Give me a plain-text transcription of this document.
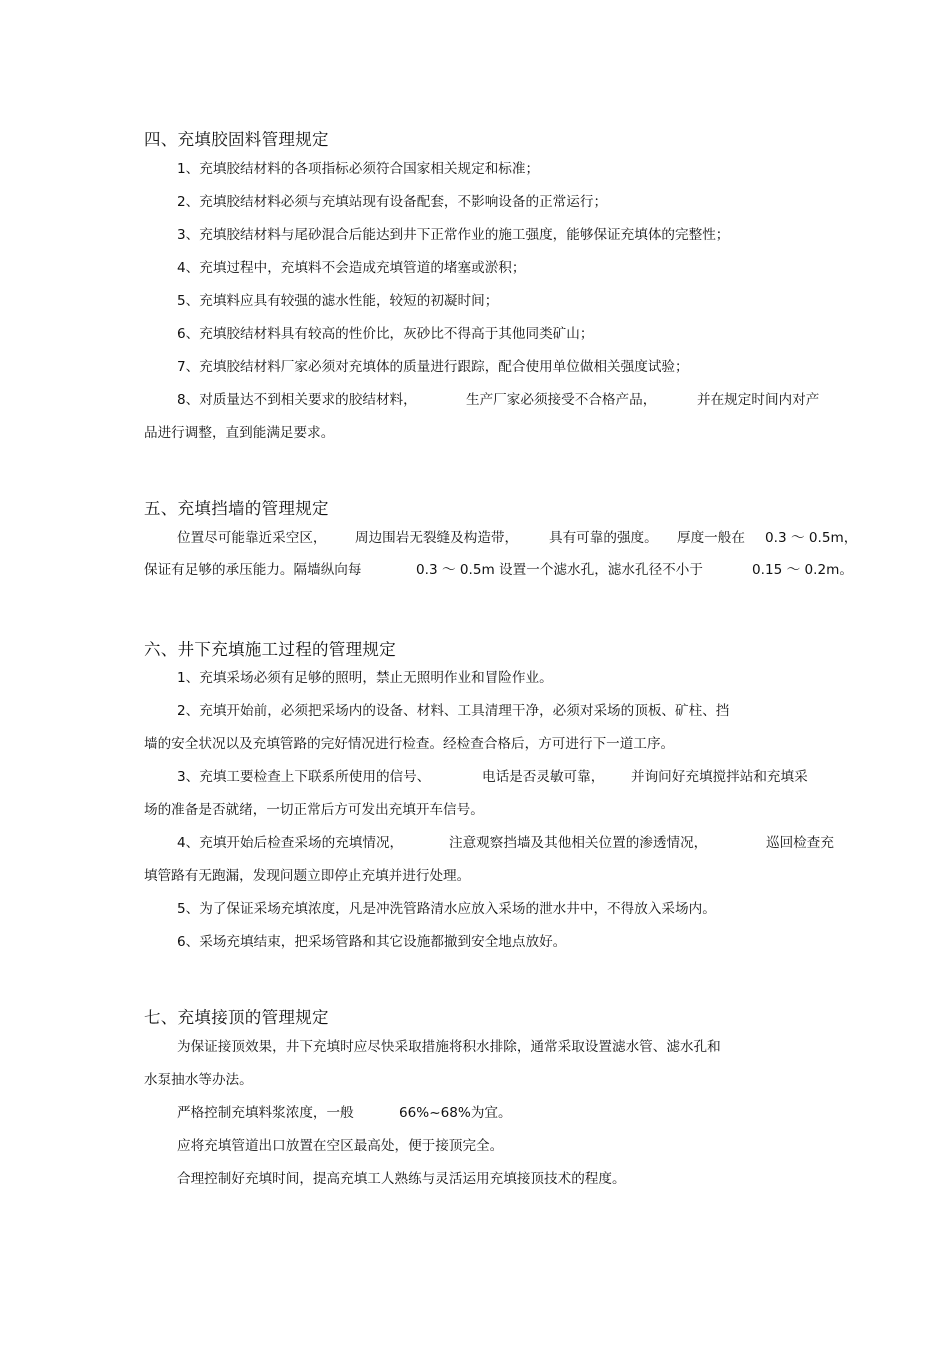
四、充填胶固料管理规定
1、充填胶结材料的各项指标必须符合国家相关规定和标准；
2、充填胶结材料必须与充填站现有设备配套，不影响设备的正常运行；
3、充填胶结材料与尾砂混合后能达到井下正常作业的施工强度，能够保证充填体的完整性；
4、充填过程中，充填料不会造成充填管道的堵塞或淤积；
5、充填料应具有较强的滤水性能，较短的初凝时间；
6、充填胶结材料具有较高的性价比，灰砂比不得高于其他同类矿山；
7、充填胶结材料厂家必须对充填体的质量进行跟踪，配合使用单位做相关强度试验；
8、对质量达不到相关要求的胶结材料，	生产厂家必须接受不合格产品，	并在规定时间内对产
品进行调整，直到能满足要求。
五、充填挡墙的管理规定
位置尽可能靠近采空区， 周边围岩无裂缝及构造带， 具有可靠的强度。 厚度一般在 0.3 ～ 0.5m，
保证有足够的承压能力。隔墙纵向每	0.3 ～ 0.5m 设置一个滤水孔，滤水孔径不小于	0.15 ～ 0.2m。
六、井下充填施工过程的管理规定
1、充填采场必须有足够的照明，禁止无照明作业和冒险作业。
2、充填开始前，必须把采场内的设备、材料、工具清理干净，必须对采场的顶板、矿柱、挡
墙的安全状况以及充填管路的完好情况进行检查。经检查合格后，方可进行下一道工序。
3、充填工要检查上下联系所使用的信号、	电话是否灵敏可靠， 并询问好充填搅拌站和充填采
场的准备是否就绪，一切正常后方可发出充填开车信号。
4、充填开始后检查采场的充填情况，	注意观察挡墙及其他相关位置的渗透情况，	巡回检查充
填管路有无跑漏，发现问题立即停止充填并进行处理。
5、为了保证采场充填浓度，凡是冲洗管路清水应放入采场的泄水井中，不得放入采场内。
6、采场充填结束，把采场管路和其它设施都撤到安全地点放好。
七、充填接顶的管理规定
为保证接顶效果，井下充填时应尽快采取措施将积水排除，通常采取设置滤水管、滤水孔和
水泵抽水等办法。
严格控制充填料浆浓度，一般	66%~68%为宜。
应将充填管道出口放置在空区最高处，便于接顶完全。
合理控制好充填时间，提高充填工人熟练与灵活运用充填接顶技术的程度。
